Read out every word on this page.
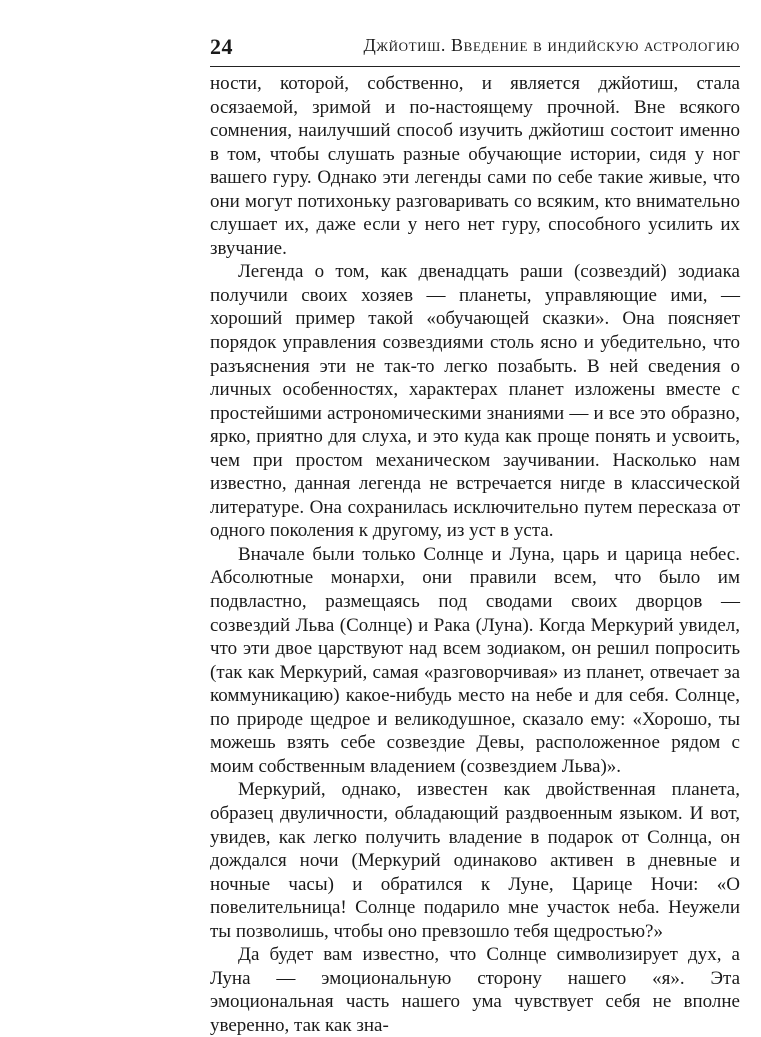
24	Джйотиш. Введение в индийскую астрологию

ности, которой, собственно, и является джйотиш, стала осязаемой, зримой и по-настоящему прочной. Вне всякого сомнения, наилучший способ изучить джйотиш состоит именно в том, чтобы слушать разные обучающие истории, сидя у ног вашего гуру. Однако эти легенды сами по себе такие живые, что они могут потихоньку разговаривать со всяким, кто внимательно слушает их, даже если у него нет гуру, способного усилить их звучание.

Легенда о том, как двенадцать раши (созвездий) зодиака получили своих хозяев — планеты, управляющие ими, — хороший пример такой «обучающей сказки». Она поясняет порядок управления созвездиями столь ясно и убедительно, что разъяснения эти не так-то легко позабыть. В ней сведения о личных особенностях, характерах планет изложены вместе с простейшими астрономическими знаниями — и все это образно, ярко, приятно для слуха, и это куда как проще понять и усвоить, чем при простом механическом заучивании. Насколько нам известно, данная легенда не встречается нигде в классической литературе. Она сохранилась исключительно путем пересказа от одного поколения к другому, из уст в уста.

Вначале были только Солнце и Луна, царь и царица небес. Абсолютные монархи, они правили всем, что было им подвластно, размещаясь под сводами своих дворцов — созвездий Льва (Солнце) и Рака (Луна). Когда Меркурий увидел, что эти двое царствуют над всем зодиаком, он решил попросить (так как Меркурий, самая «разговорчивая» из планет, отвечает за коммуникацию) какое-нибудь место на небе и для себя. Солнце, по природе щедрое и великодушное, сказало ему: «Хорошо, ты можешь взять себе созвездие Девы, расположенное рядом с моим собственным владением (созвездием Льва)».

Меркурий, однако, известен как двойственная планета, образец двуличности, обладающий раздвоенным языком. И вот, увидев, как легко получить владение в подарок от Солнца, он дождался ночи (Меркурий одинаково активен в дневные и ночные часы) и обратился к Луне, Царице Ночи: «О повелительница! Солнце подарило мне участок неба. Неужели ты позволишь, чтобы оно превзошло тебя щедростью?»

Да будет вам известно, что Солнце символизирует дух, а Луна — эмоциональную сторону нашего «я». Эта эмоциональная часть нашего ума чувствует себя не вполне уверенно, так как зна-
